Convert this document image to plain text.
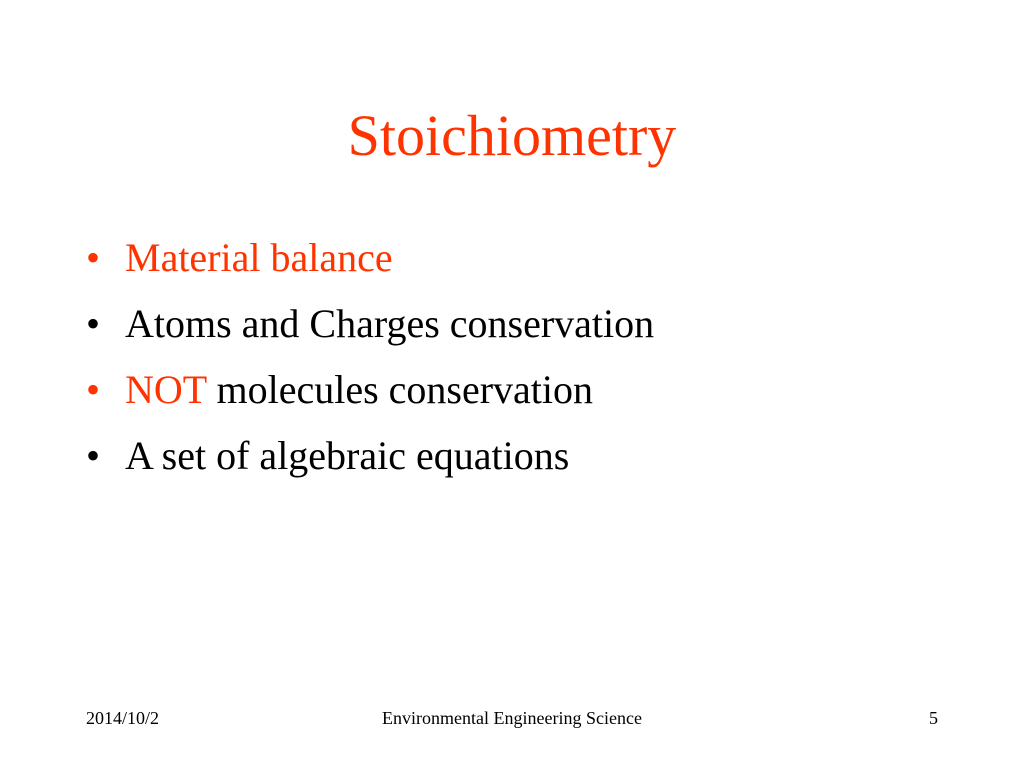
Stoichiometry
• Material balance
• Atoms and Charges conservation
• NOT molecules conservation
• A set of algebraic equations
2014/10/2	Environmental Engineering Science	5
